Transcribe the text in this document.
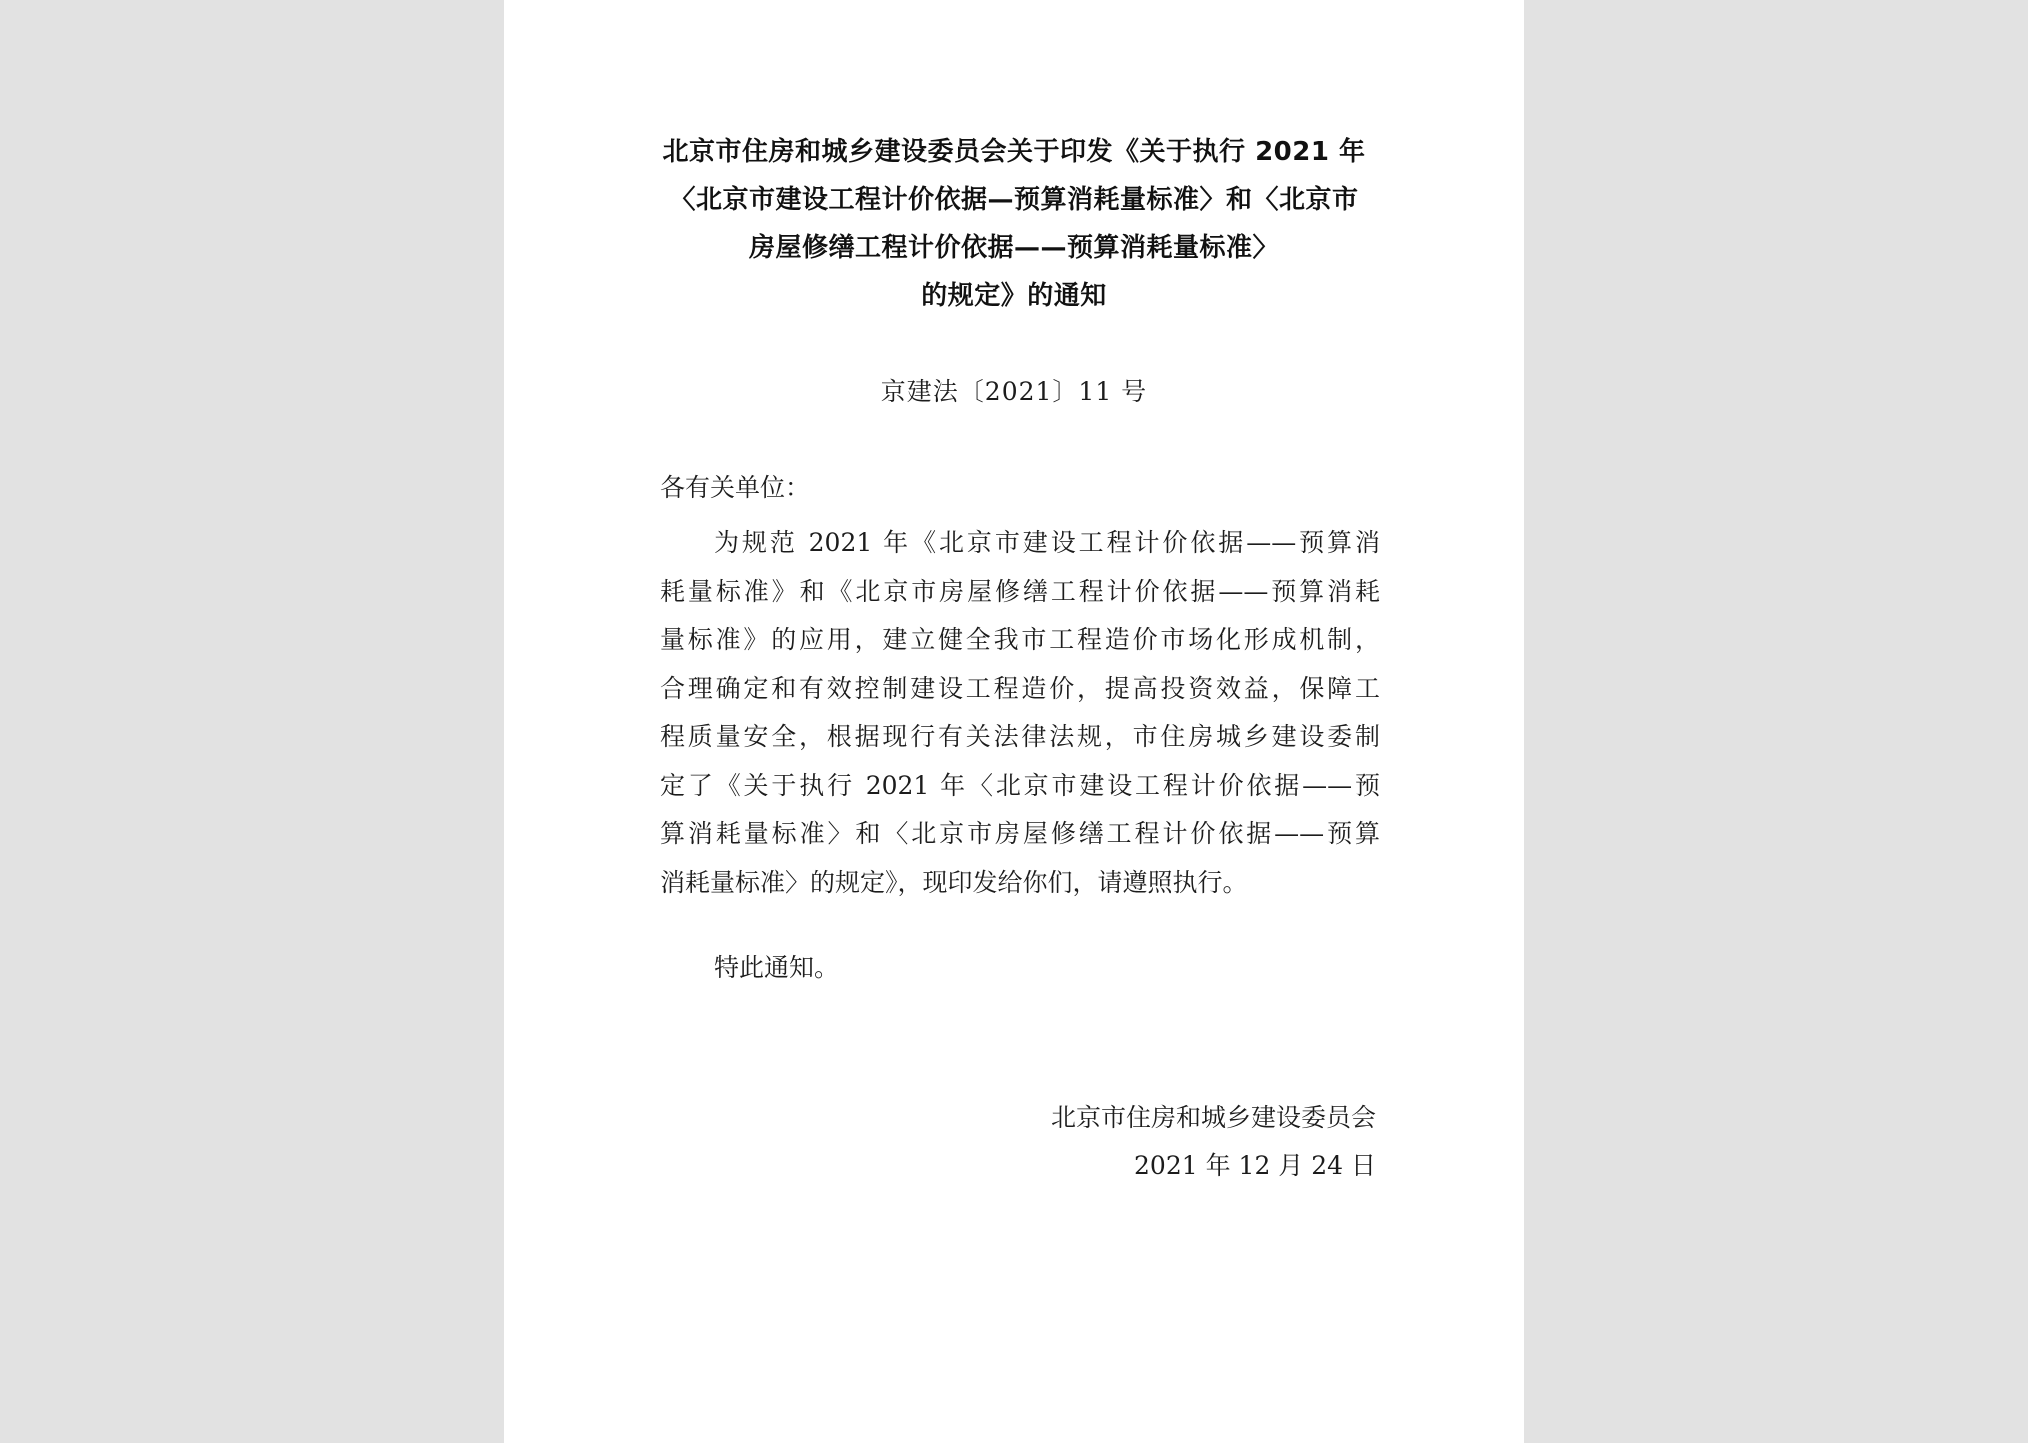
北京市住房和城乡建设委员会关于印发《关于执行 2021 年
〈北京市建设工程计价依据—预算消耗量标准〉和〈北京市
房屋修缮工程计价依据——预算消耗量标准〉
的规定》的通知
京建法〔2021〕11 号
各有关单位：
为规范 2021 年《北京市建设工程计价依据——预算消
耗量标准》和《北京市房屋修缮工程计价依据——预算消耗
量标准》的应用，建立健全我市工程造价市场化形成机制，
合理确定和有效控制建设工程造价，提高投资效益，保障工
程质量安全，根据现行有关法律法规，市住房城乡建设委制
定了《关于执行 2021 年〈北京市建设工程计价依据——预
算消耗量标准〉和〈北京市房屋修缮工程计价依据——预算
消耗量标准〉的规定》，现印发给你们，请遵照执行。
特此通知。
北京市住房和城乡建设委员会
2021 年 12 月 24 日
